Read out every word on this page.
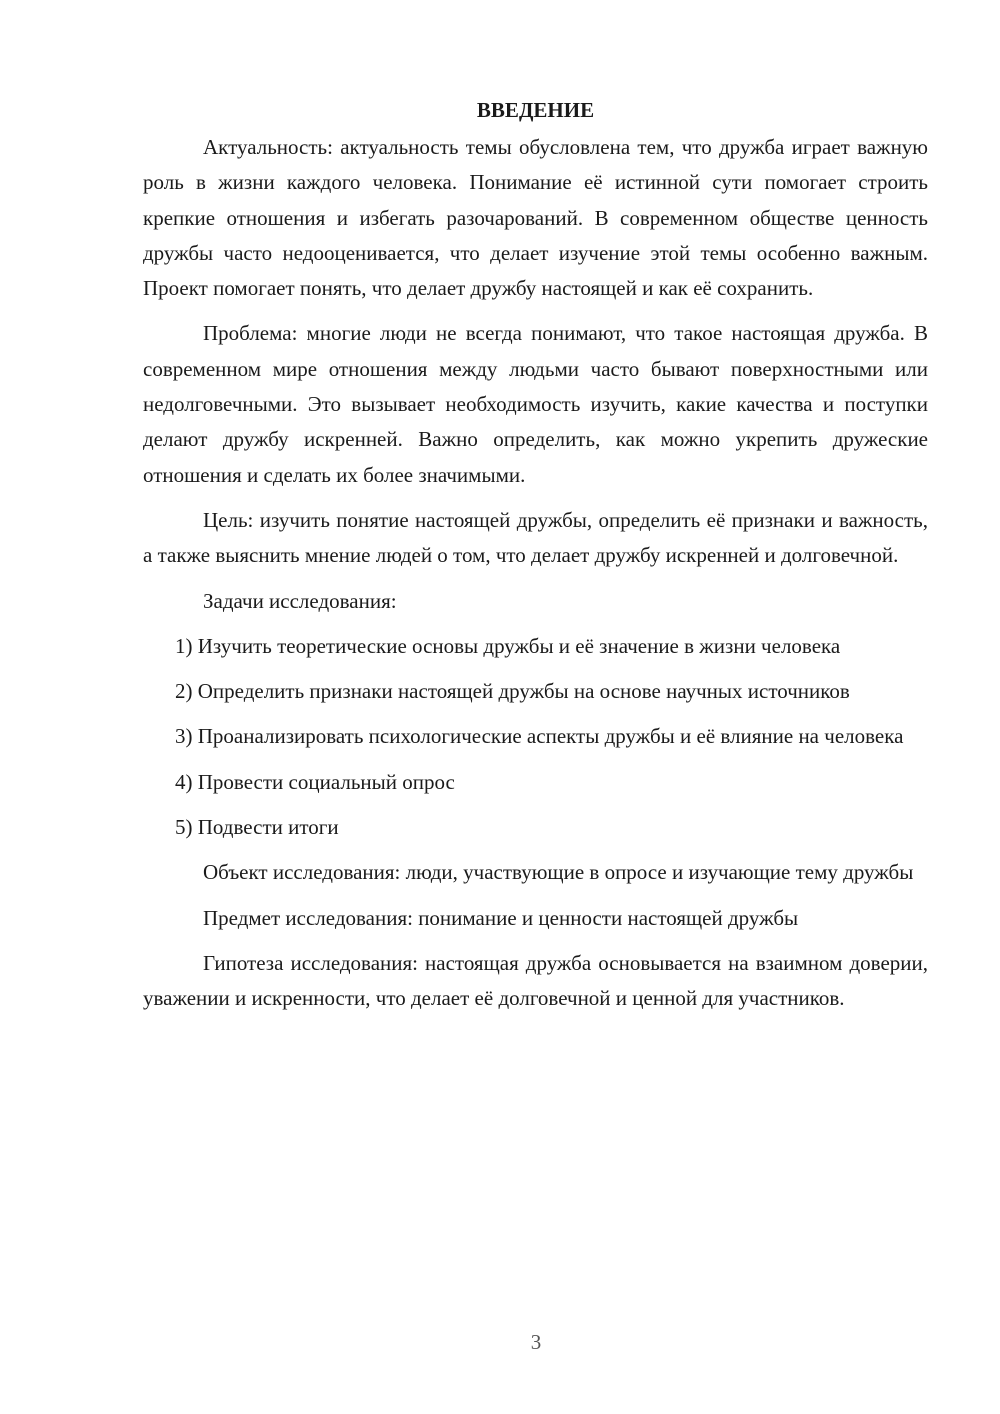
ВВЕДЕНИЕ

Актуальность: актуальность темы обусловлена тем, что дружба играет важную роль в жизни каждого человека. Понимание её истинной сути помогает строить крепкие отношения и избегать разочарований. В современном обществе ценность дружбы часто недооценивается, что делает изучение этой темы особенно важным. Проект помогает понять, что делает дружбу настоящей и как её сохранить.

Проблема: многие люди не всегда понимают, что такое настоящая дружба. В современном мире отношения между людьми часто бывают поверхностными или недолговечными. Это вызывает необходимость изучить, какие качества и поступки делают дружбу искренней. Важно определить, как можно укрепить дружеские отношения и сделать их более значимыми.

Цель: изучить понятие настоящей дружбы, определить её признаки и важность, а также выяснить мнение людей о том, что делает дружбу искренней и долговечной.

Задачи исследования:

1) Изучить теоретические основы дружбы и её значение в жизни человека

2) Определить признаки настоящей дружбы на основе научных источников

3) Проанализировать психологические аспекты дружбы и её влияние на человека

4) Провести социальный опрос

5) Подвести итоги

Объект исследования: люди, участвующие в опросе и изучающие тему дружбы

Предмет исследования: понимание и ценности настоящей дружбы

Гипотеза исследования: настоящая дружба основывается на взаимном доверии, уважении и искренности, что делает её долговечной и ценной для участников.

3
